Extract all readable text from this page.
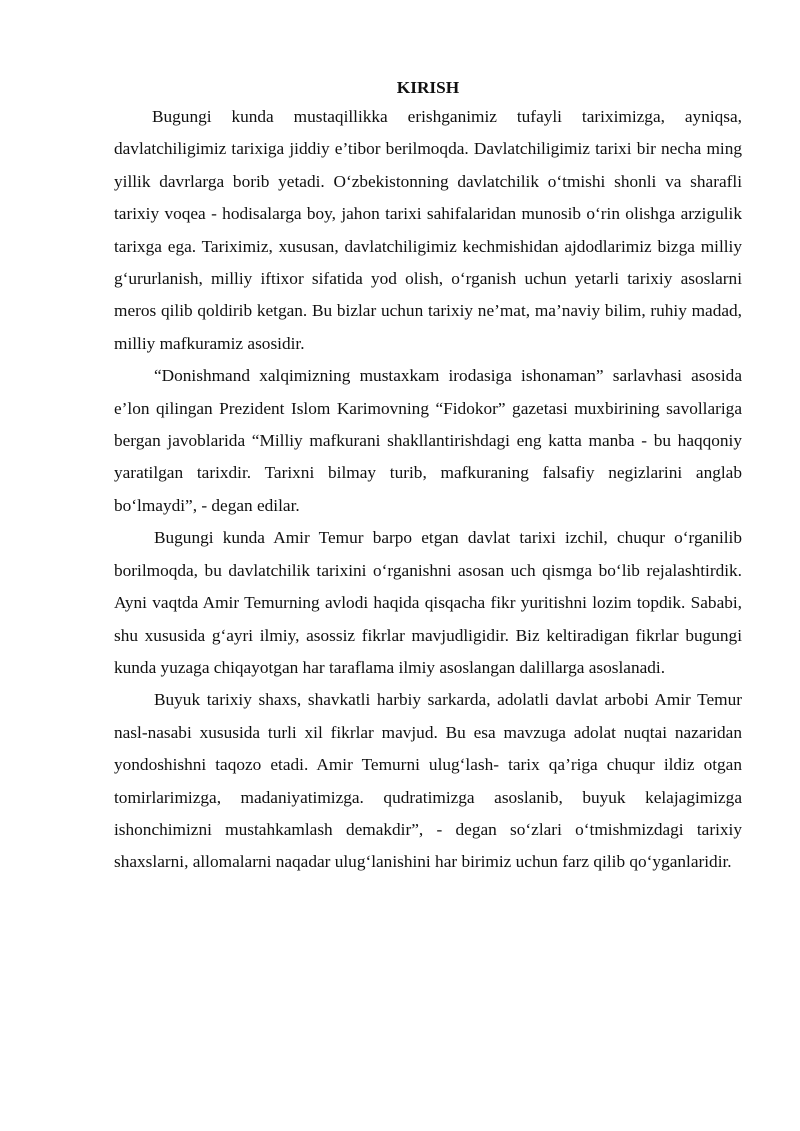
KIRISH

Bugungi kunda mustaqillikka erishganimiz tufayli tariximizga, ayniqsa, davlatchiligimiz tarixiga jiddiy e’tibor berilmoqda. Davlatchiligimiz tarixi bir necha ming yillik davrlarga borib yetadi. O‘zbekistonning davlatchilik o‘tmishi shonli va sharafli tarixiy voqea - hodisalarga boy, jahon tarixi sahifalaridan munosib o‘rin olishga arzigulik tarixga ega. Tariximiz, xususan, davlatchiligimiz kechmishidan ajdodlarimiz bizga milliy g‘ururlanish, milliy iftixor sifatida yod olish, o‘rganish uchun yetarli tarixiy asoslarni meros qilib qoldirib ketgan. Bu bizlar uchun tarixiy ne’mat, ma’naviy bilim, ruhiy madad, milliy mafkuramiz asosidir.

“Donishmand xalqimizning mustaxkam irodasiga ishonaman” sarlavhasi asosida e’lon qilingan Prezident Islom Karimovning “Fidokor” gazetasi muxbirining savollariga bergan javoblarida “Milliy mafkurani shakllantirishdagi eng katta manba - bu haqqoniy yaratilgan tarixdir. Tarixni bilmay turib, mafkuraning falsafiy negizlarini anglab bo‘lmaydi”, - degan edilar.

Bugungi kunda Amir Temur barpo etgan davlat tarixi izchil, chuqur o‘rganilib borilmoqda, bu davlatchilik tarixini o‘rganishni asosan uch qismga bo‘lib rejalashtirdik. Ayni vaqtda Amir Temurning avlodi haqida qisqacha fikr yuritishni lozim topdik. Sababi, shu xususida g‘ayri ilmiy, asossiz fikrlar mavjudligidir. Biz keltiradigan fikrlar bugungi kunda yuzaga chiqayotgan har taraflama ilmiy asoslangan dalillarga asoslanadi.

Buyuk tarixiy shaxs, shavkatli harbiy sarkarda, adolatli davlat arbobi Amir Temur nasl-nasabi xususida turli xil fikrlar mavjud. Bu esa mavzuga adolat nuqtai nazaridan yondoshishni taqozo etadi. Amir Temurni ulug‘lash- tarix qa’riga chuqur ildiz otgan tomirlarimizga, madaniyatimizga. qudratimizga asoslanib, buyuk kelajagimizga ishonchimizni mustahkamlash demakdir”, - degan so‘zlari o‘tmishmizdagi tarixiy shaxslarni, allomalarni naqadar ulug‘lanishini har birimiz uchun farz qilib qo‘yganlaridir.
